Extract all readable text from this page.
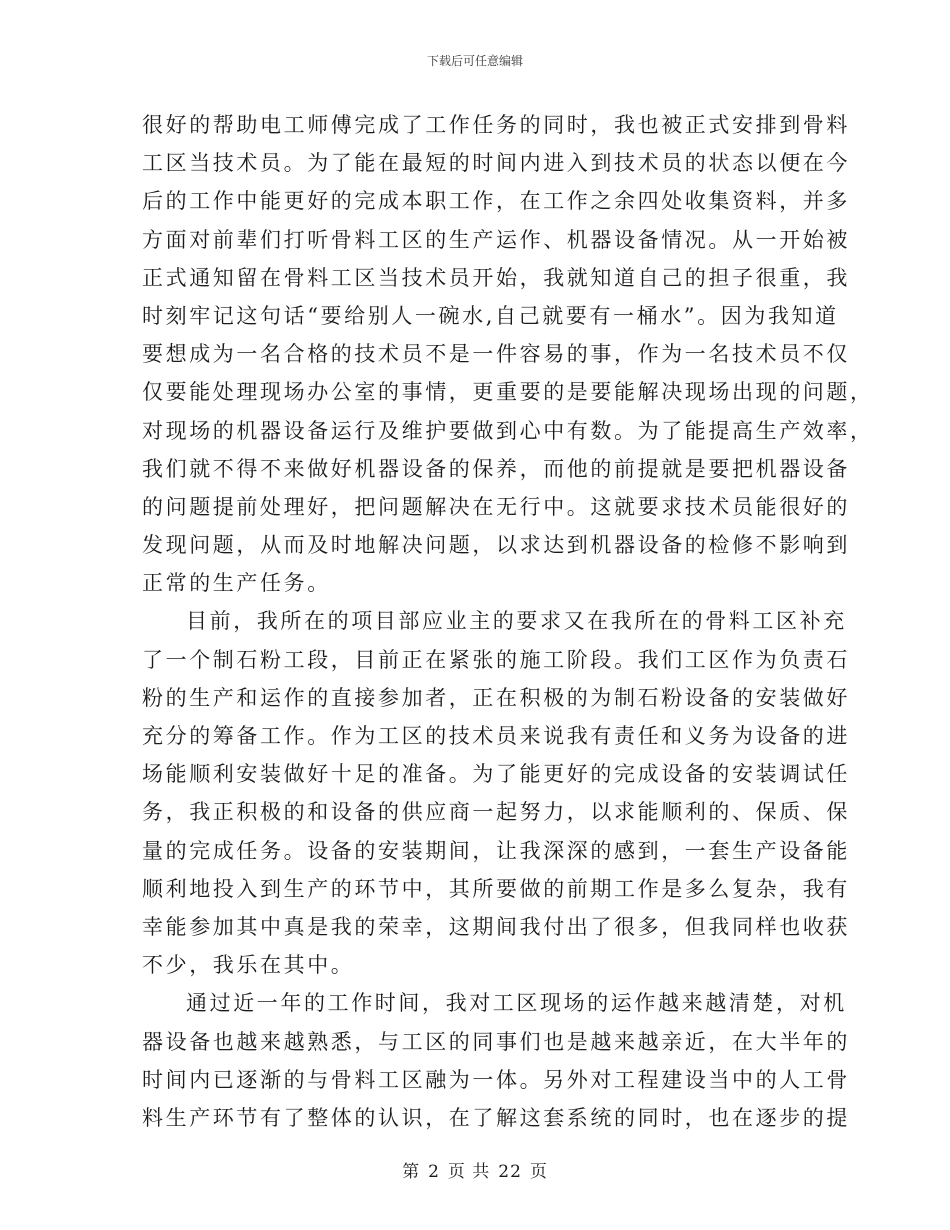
下载后可任意编辑
很好的帮助电工师傅完成了工作任务的同时，我也被正式安排到骨料
工区当技术员。为了能在最短的时间内进入到技术员的状态以便在今
后的工作中能更好的完成本职工作，在工作之余四处收集资料，并多
方面对前辈们打听骨料工区的生产运作、机器设备情况。从一开始被
正式通知留在骨料工区当技术员开始，我就知道自己的担子很重，我
时刻牢记这句话“要给别人一碗水,自己就要有一桶水”。因为我知道
要想成为一名合格的技术员不是一件容易的事，作为一名技术员不仅
仅要能处理现场办公室的事情，更重要的是要能解决现场出现的问题，
对现场的机器设备运行及维护要做到心中有数。为了能提高生产效率，
我们就不得不来做好机器设备的保养，而他的前提就是要把机器设备
的问题提前处理好，把问题解决在无行中。这就要求技术员能很好的
发现问题，从而及时地解决问题，以求达到机器设备的检修不影响到
正常的生产任务。
目前，我所在的项目部应业主的要求又在我所在的骨料工区补充
了一个制石粉工段，目前正在紧张的施工阶段。我们工区作为负责石
粉的生产和运作的直接参加者，正在积极的为制石粉设备的安装做好
充分的筹备工作。作为工区的技术员来说我有责任和义务为设备的进
场能顺利安装做好十足的准备。为了能更好的完成设备的安装调试任
务，我正积极的和设备的供应商一起努力，以求能顺利的、保质、保
量的完成任务。设备的安装期间，让我深深的感到，一套生产设备能
顺利地投入到生产的环节中，其所要做的前期工作是多么复杂，我有
幸能参加其中真是我的荣幸，这期间我付出了很多，但我同样也收获
不少，我乐在其中。
通过近一年的工作时间，我对工区现场的运作越来越清楚，对机
器设备也越来越熟悉，与工区的同事们也是越来越亲近，在大半年的
时间内已逐渐的与骨料工区融为一体。另外对工程建设当中的人工骨
料生产环节有了整体的认识，在了解这套系统的同时，也在逐步的提
第 2 页 共 22 页
